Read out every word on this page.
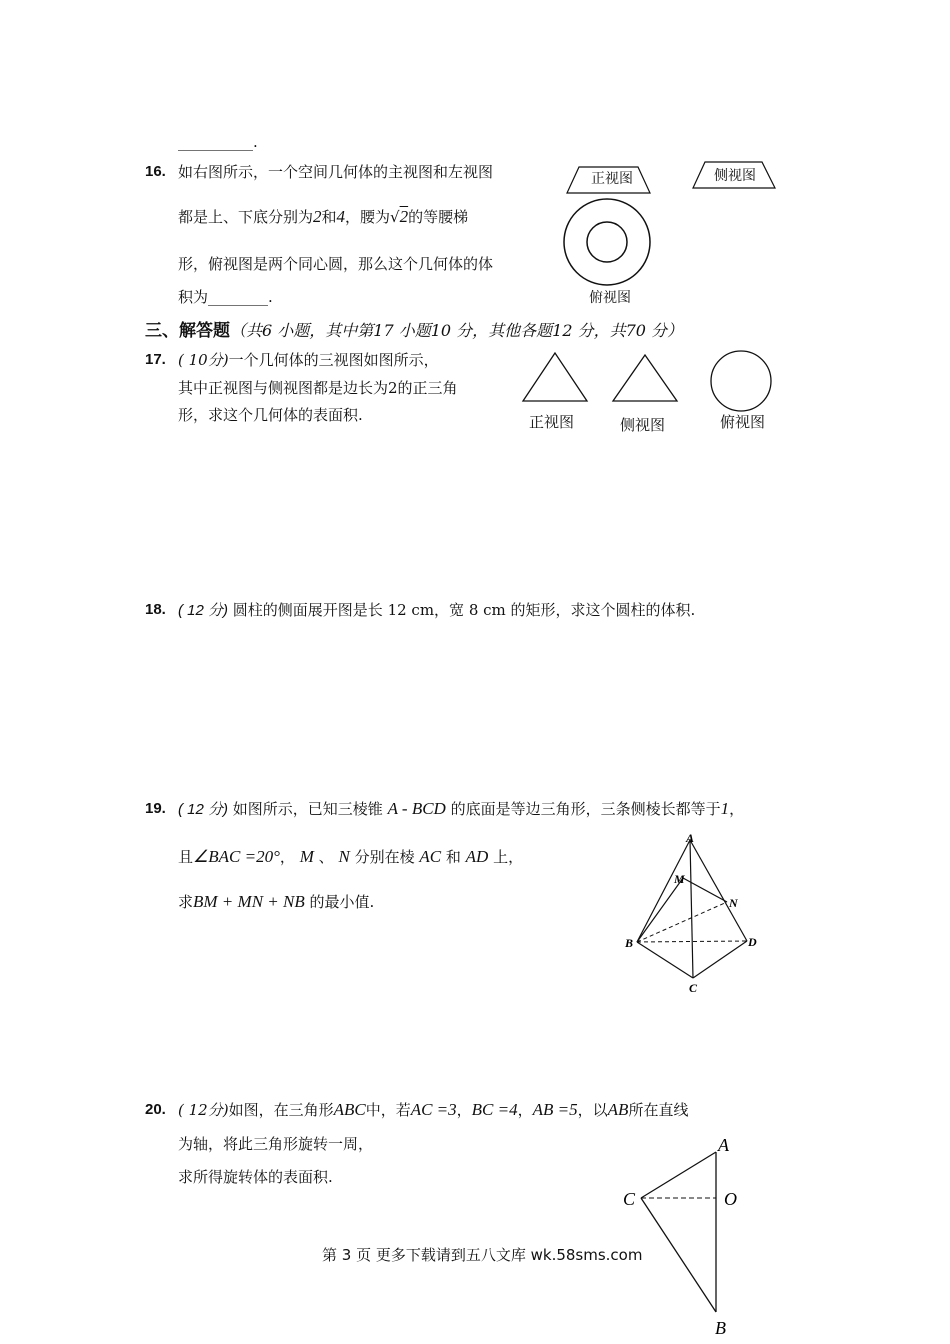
__________.
16. 如右图所示，一个空间几何体的主视图和左视图
都是上、下底分别为2和4，腰为√2的等腰梯
形，俯视图是两个同心圆，那么这个几何体的体
积为________.
正视图	侧视图
俯视图
三、解答题（共6 小题，其中第17 小题10 分，其他各题12 分，共70 分）
17. ( 10分)一个几何体的三视图如图所示，
其中正视图与侧视图都是边长为2的正三角
形，求这个几何体的表面积.	正视图	侧视图	俯视图
18. ( 12 分) 圆柱的侧面展开图是长 12 cm，宽 8 cm 的矩形，求这个圆柱的体积.
19. ( 12 分) 如图所示，已知三棱锥 A - BCD 的底面是等边三角形，三条侧棱长都等于1，
且∠BAC =20°， M 、 N 分别在棱 AC 和 AD 上，
求BM + MN + NB 的最小值.
A
M
N
B	D
C
20. ( 12分)如图，在三角形ABC中，若AC =3，BC =4，AB =5，以AB所在直线
为轴，将此三角形旋转一周，
求所得旋转体的表面积.
A
C	O
B
第 3 页 更多下载请到五八文库 wk.58sms.com
